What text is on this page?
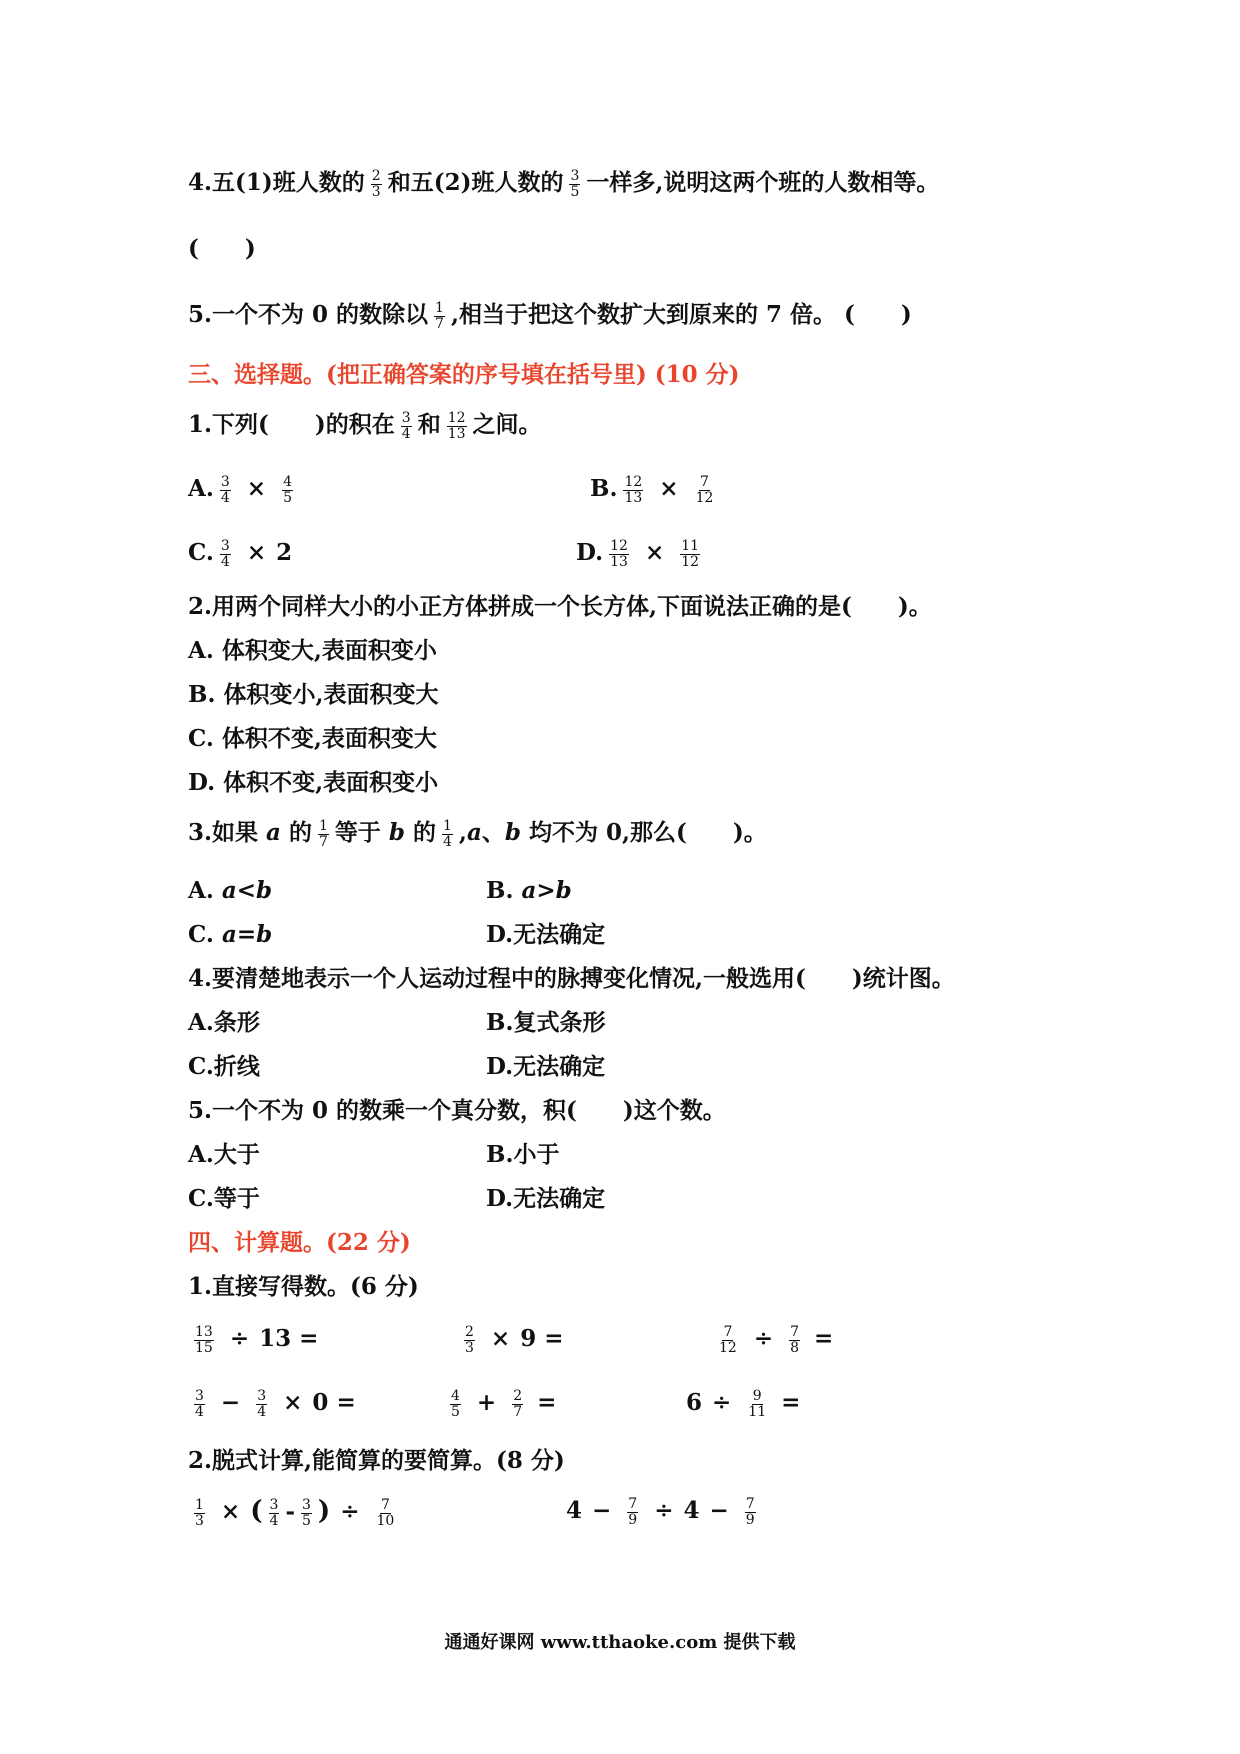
4.五(1)班人数的 $\frac{2}{3}$ 和五(2)班人数的 $\frac{3}{5}$ 一样多,说明这两个班的人数相等。
(　　)
5.一个不为 0 的数除以 $\frac{1}{7}$ ,相当于把这个数扩大到原来的 7 倍。 (　　)
三、选择题。(把正确答案的序号填在括号里) (10 分)
1.下列(　　)的积在 $\frac{3}{4}$ 和 $\frac{12}{13}$ 之间。
A. $\frac{3}{4} \times \frac{4}{5}$	B. $\frac{12}{13} \times \frac{7}{12}$
C. $\frac{3}{4} \times 2$	D. $\frac{12}{13} \times \frac{11}{12}$
2.用两个同样大小的小正方体拼成一个长方体,下面说法正确的是(　　)。
A. 体积变大,表面积变小
B. 体积变小,表面积变大
C. 体积不变,表面积变大
D. 体积不变,表面积变小
3.如果 a 的 $\frac{1}{7}$ 等于 b 的 $\frac{1}{4} ,a$、b 均不为 0,那么(　　)。
A. a<b	B. a>b
C. a=b	D.无法确定
4.要清楚地表示一个人运动过程中的脉搏变化情况,一般选用(　　)统计图。
A.条形	B.复式条形
C.折线	D.无法确定
5.一个不为 0 的数乘一个真分数，积(　　)这个数。
A.大于	B.小于
C.等于	D.无法确定
四、计算题。(22 分)
1.直接写得数。(6 分)
$\frac{13}{15} \div 13$ =	$\frac{2}{3} \times 9$ =	$\frac{7}{12} \div \frac{7}{8}$ =
$\frac{3}{4} - \frac{3}{4} \times 0$ =	$\frac{4}{5} + \frac{2}{7}$ =	$6 \div \frac{9}{11}$ =
2.脱式计算,能简算的要简算。(8 分)
$\frac{1}{3}$ × ( $\frac{3}{4} - \frac{3}{5}$ ) ÷ $\frac{7}{10}$	$4 - \frac{7}{9} \div 4 - \frac{7}{9}$
通通好课网 www.tthaoke.com 提供下载
